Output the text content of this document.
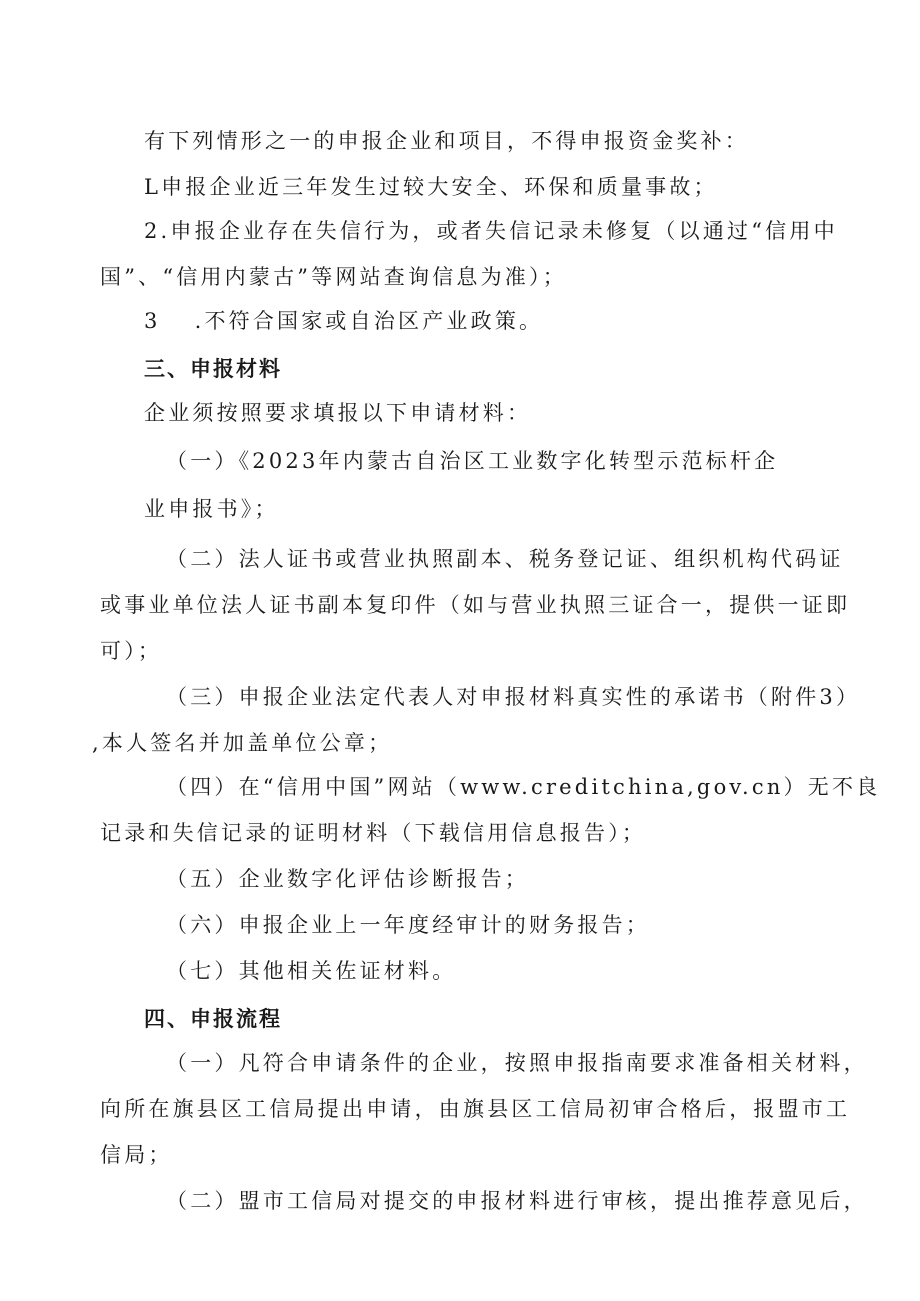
有下列情形之一的申报企业和项目，不得申报资金奖补：
L申报企业近三年发生过较大安全、环保和质量事故；
2.申报企业存在失信行为，或者失信记录未修复（以通过“信用中
国”、“信用内蒙古”等网站查询信息为准）；
3 .不符合国家或自治区产业政策。
三、申报材料
企业须按照要求填报以下申请材料：
（一）《2023年内蒙古自治区工业数字化转型示范标杆企
业申报书》；
（二）法人证书或营业执照副本、税务登记证、组织机构代码证
或事业单位法人证书副本复印件（如与营业执照三证合一，提供一证即
可）；
（三）申报企业法定代表人对申报材料真实性的承诺书（附件3）
,本人签名并加盖单位公章；
（四）在“信用中国”网站（www.creditchina,gov.cn）无不良
记录和失信记录的证明材料（下载信用信息报告）；
（五）企业数字化评估诊断报告；
（六）申报企业上一年度经审计的财务报告；
（七）其他相关佐证材料。
四、申报流程
（一）凡符合申请条件的企业，按照申报指南要求准备相关材料，
向所在旗县区工信局提出申请，由旗县区工信局初审合格后，报盟市工
信局；
（二）盟市工信局对提交的申报材料进行审核，提出推荐意见后，
